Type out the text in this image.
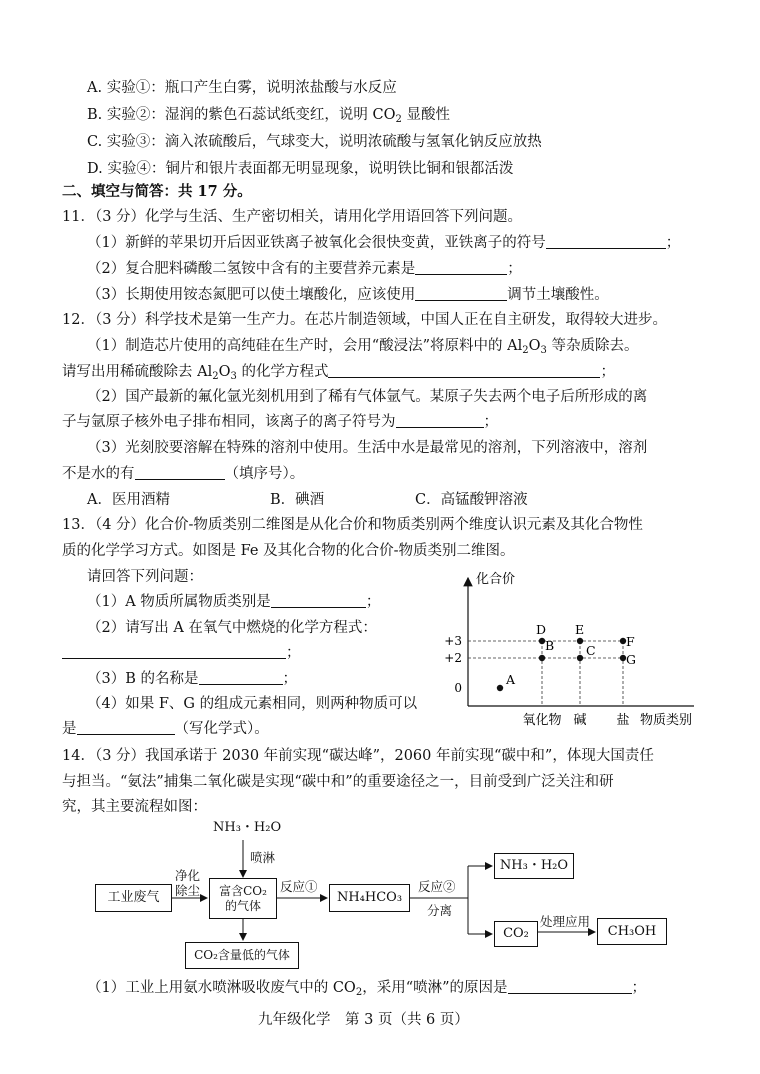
A. 实验①：瓶口产生白雾，说明浓盐酸与水反应
B. 实验②：湿润的紫色石蕊试纸变红，说明 $CO_2$ 显酸性
C. 实验③：滴入浓硫酸后，气球变大，说明浓硫酸与氢氧化钠反应放热
D. 实验④：铜片和银片表面都无明显现象，说明铁比铜和银都活泼
二、填空与简答：共 17 分。
11．（3 分）化学与生活、生产密切相关，请用化学用语回答下列问题。
（1）新鲜的苹果切开后因亚铁离子被氧化会很快变黄，亚铁离子的符号	；
（2）复合肥料磷酸二氢铵中含有的主要营养元素是	；
（3）长期使用铵态氮肥可以使土壤酸化，应该使用	调节土壤酸性。
12．（3 分）科学技术是第一生产力。在芯片制造领域，中国人正在自主研发，取得较大进步。
（1）制造芯片使用的高纯硅在生产时，会用“酸浸法”将原料中的 $Al_2O_3$ 等杂质除去。
请写出用稀硫酸除去 $Al_2O_3$ 的化学方程式	；
（2）国产最新的氟化氩光刻机用到了稀有气体氩气。某原子失去两个电子后所形成的离
子与氩原子核外电子排布相同，该离子的离子符号为	；
（3）光刻胶要溶解在特殊的溶剂中使用。生活中水是最常见的溶剂，下列溶液中，溶剂
不是水的有	（填序号）。
A．医用酒精	B．碘酒	C．高锰酸钾溶液
13．（4 分）化合价-物质类别二维图是从化合价和物质类别两个维度认识元素及其化合物性
质的化学学习方式。如图是 Fe 及其化合物的化合价-物质类别二维图。
请回答下列问题：
（1）A 物质所属物质类别是	；
（2）请写出 A 在氧气中燃烧的化学方程式：
；
（3）B 的名称是	；
（4）如果 F、G 的组成元素相同，则两种物质可以
是	（写化学式）。
化合价
物质类别
0
+2
+3
氧化物 碱 盐
A
B	C
D E
F
G
14．（3 分）我国承诺于 2030 年前实现“碳达峰”，2060 年前实现“碳中和”，体现大国责任
与担当。“氨法”捕集二氧化碳是实现“碳中和”的重要途径之一，目前受到广泛关注和研
究，其主要流程如图：
NH₃・H₂O
喷淋
净化
除尘
工业废气	富含CO₂
的气体
反应①
NH₄HCO₃
反应②
分离
NH₃・H₂O
CO₂
处理应用
CH₃OH
CO₂含量低的气体
（1）工业上用氨水喷淋吸收废气中的 $CO_2$，采用“喷淋”的原因是	；
九年级化学　第 3 页（共 6 页）
